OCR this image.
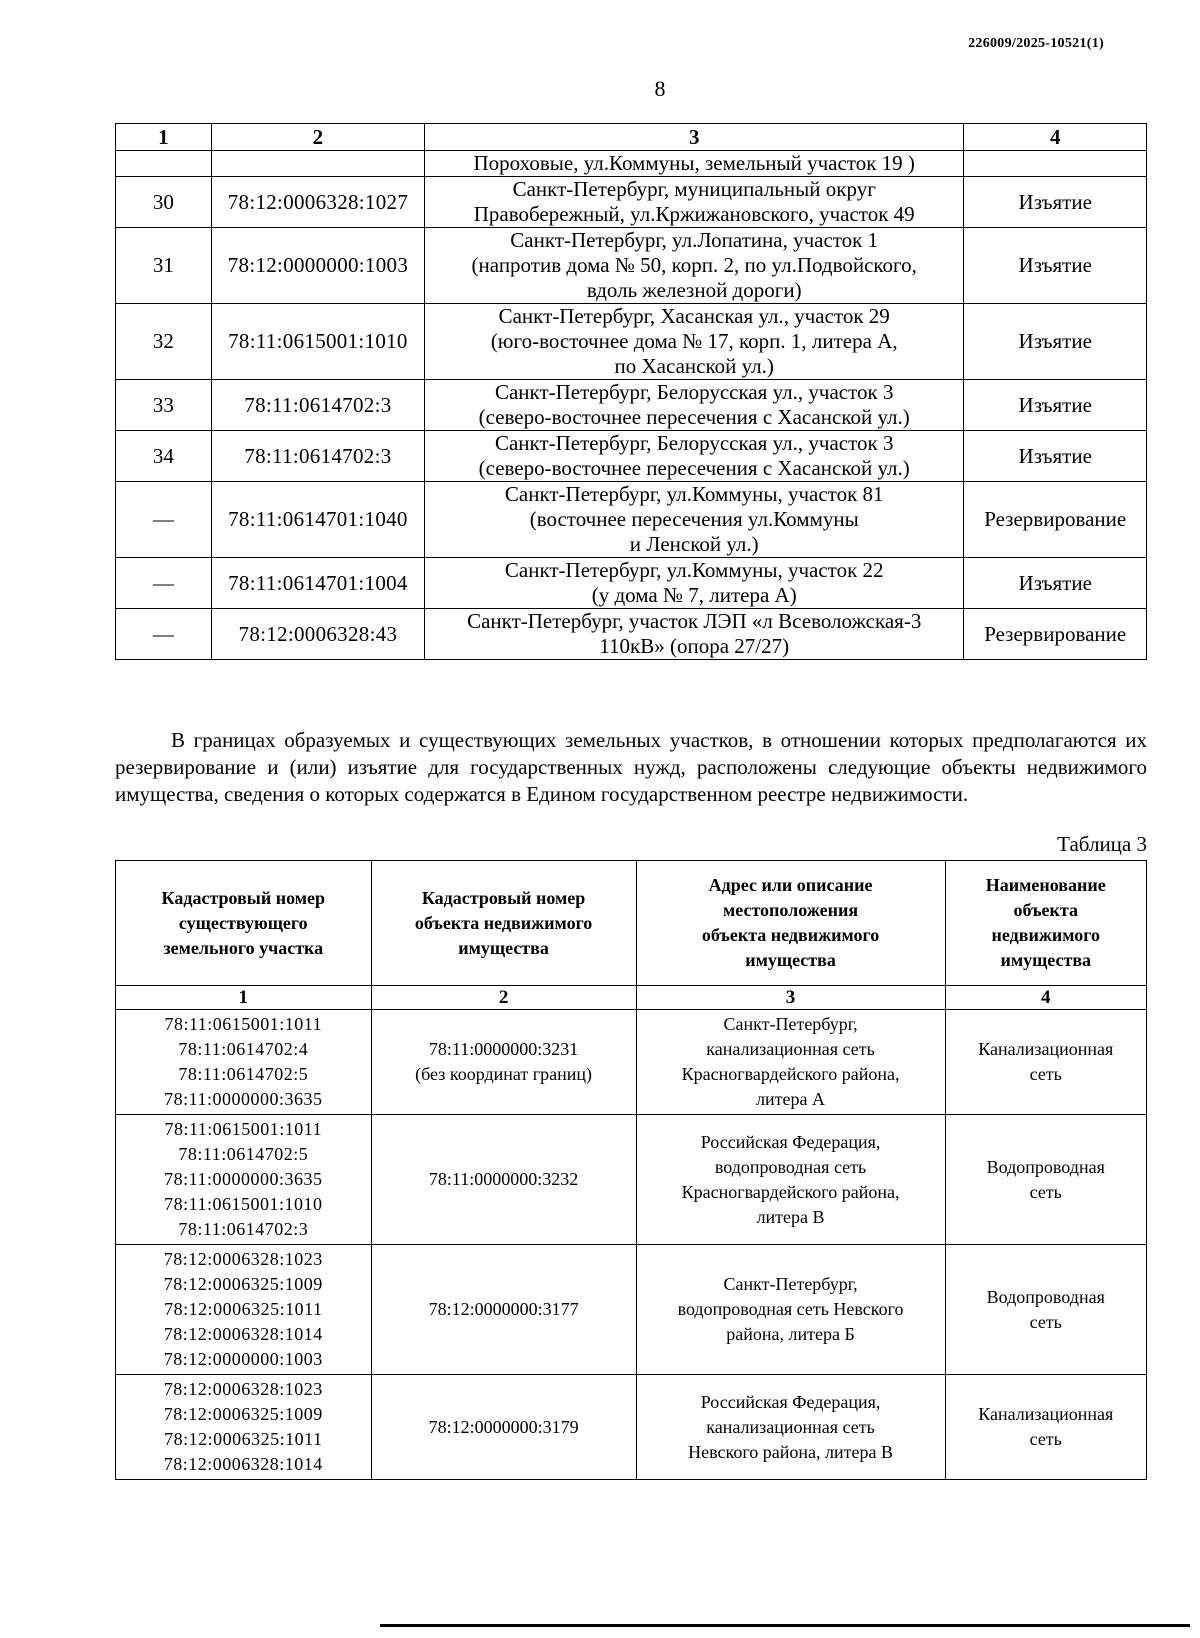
226009/2025-10521(1)
8
1	2	3	4
		Пороховые, ул.Коммуны, земельный участок 19 )	
30	78:12:0006328:1027	Санкт-Петербург, муниципальный округ
Правобережный, ул.Кржижановского, участок 49	Изъятие
31	78:12:0000000:1003	Санкт-Петербург, ул.Лопатина, участок 1
(напротив дома № 50, корп. 2, по ул.Подвойского,
вдоль железной дороги)	Изъятие
32	78:11:0615001:1010	Санкт-Петербург, Хасанская ул., участок 29
(юго-восточнее дома № 17, корп. 1, литера А,
по Хасанской ул.)	Изъятие
33	78:11:0614702:3	Санкт-Петербург, Белорусская ул., участок 3
(северо-восточнее пересечения с Хасанской ул.)	Изъятие
34	78:11:0614702:3	Санкт-Петербург, Белорусская ул., участок 3
(северо-восточнее пересечения с Хасанской ул.)	Изъятие
—	78:11:0614701:1040	Санкт-Петербург, ул.Коммуны, участок 81
(восточнее пересечения ул.Коммуны
и Ленской ул.)	Резервирование
—	78:11:0614701:1004	Санкт-Петербург, ул.Коммуны, участок 22
(у дома № 7, литера А)	Изъятие
—	78:12:0006328:43	Санкт-Петербург, участок ЛЭП «л Всеволожская-3
110кВ» (опора 27/27)	Резервирование
В границах образуемых и существующих земельных участков, в отношении которых предполагаются их резервирование и (или) изъятие для государственных нужд, расположены следующие объекты недвижимого имущества, сведения о которых содержатся в Едином государственном реестре недвижимости.
Таблица 3
Кадастровый номер
существующего
земельного участка	Кадастровый номер
объекта недвижимого
имущества	Адрес или описание
местоположения
объекта недвижимого
имущества	Наименование
объекта
недвижимого
имущества

1	2	3	4

78:11:0615001:1011
78:11:0614702:4
78:11:0614702:5
78:11:0000000:3635	78:11:0000000:3231
(без координат границ)	Санкт-Петербург,
канализационная сеть
Красногвардейского района,
литера А	Канализационная
сеть

78:11:0615001:1011
78:11:0614702:5
78:11:0000000:3635
78:11:0615001:1010
78:11:0614702:3	78:11:0000000:3232	Российская Федерация,
водопроводная сеть
Красногвардейского района,
литера В	Водопроводная
сеть

78:12:0006328:1023
78:12:0006325:1009
78:12:0006325:1011
78:12:0006328:1014
78:12:0000000:1003	78:12:0000000:3177	Санкт-Петербург,
водопроводная сеть Невского
района, литера Б	Водопроводная
сеть

78:12:0006328:1023
78:12:0006325:1009
78:12:0006325:1011
78:12:0006328:1014	78:12:0000000:3179	Российская Федерация,
канализационная сеть
Невского района, литера В	Канализационная
сеть
